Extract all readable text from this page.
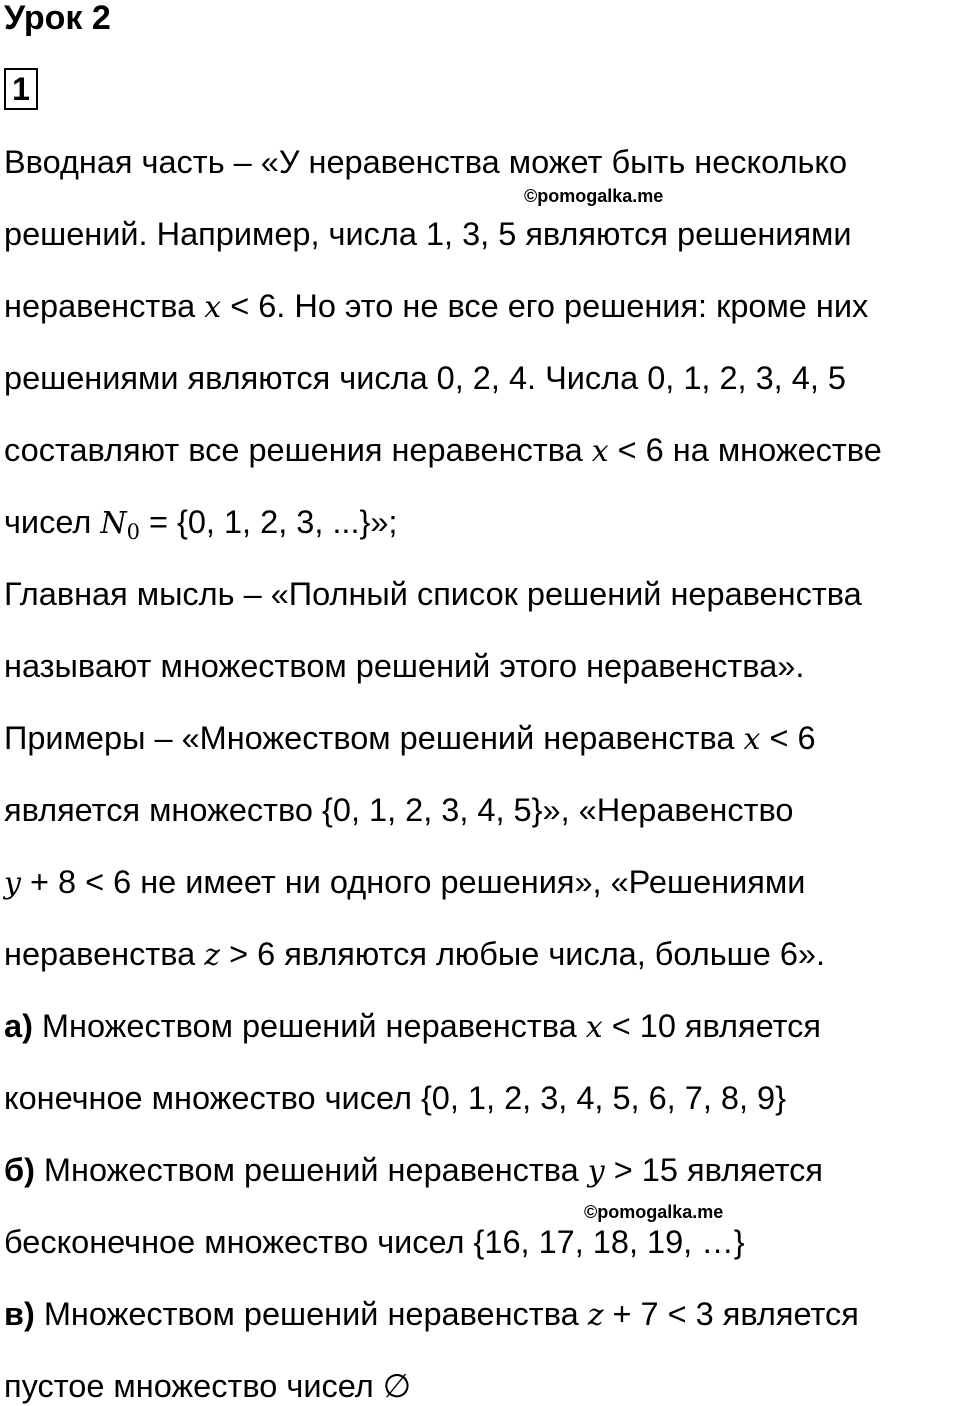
Урок 2
1
Вводная часть – «У неравенства может быть несколько
©pomogalka.me
решений. Например, числа 1, 3, 5 являются решениями
неравенства x < 6. Но это не все его решения: кроме них
решениями являются числа 0, 2, 4. Числа 0, 1, 2, 3, 4, 5
составляют все решения неравенства x < 6 на множестве
чисел $N_0 = \{0$, 1, 2, 3, ...}»;
Главная мысль – «Полный список решений неравенства
называют множеством решений этого неравенства».
Примеры – «Множеством решений неравенства x < 6
является множество {0, 1, 2, 3, 4, 5}», «Неравенство
y + 8 < 6 не имеет ни одного решения», «Решениями
неравенства z > 6 являются любые числа, больше 6».
а) Множеством решений неравенства x < 10 является
конечное множество чисел {0, 1, 2, 3, 4, 5, 6, 7, 8, 9}
б) Множеством решений неравенства y > 15 является
©pomogalka.me
бесконечное множество чисел {16, 17, 18, 19, …}
в) Множеством решений неравенства z + 7 < 3 является
пустое множество чисел ∅
